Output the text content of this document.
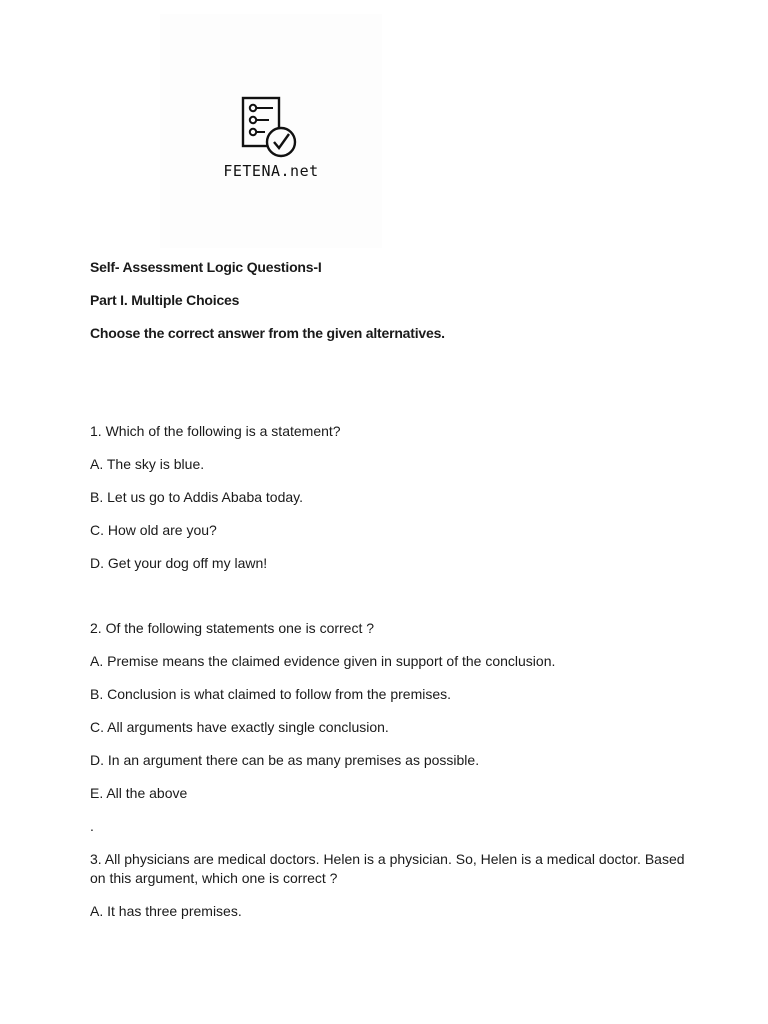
FETENA.net
Self- Assessment Logic Questions-I
Part I. Multiple Choices
Choose the correct answer from the given alternatives.
1. Which of the following is a statement?
A. The sky is blue.
B. Let us go to Addis Ababa today.
C. How old are you?
D. Get your dog off my lawn!
2. Of the following statements one is correct ?
A. Premise means the claimed evidence given in support of the conclusion.
B. Conclusion is what claimed to follow from the premises.
C. All arguments have exactly single conclusion.
D. In an argument there can be as many premises as possible.
E. All the above
.
3. All physicians are medical doctors. Helen is a physician. So, Helen is a medical doctor. Based on this argument, which one is correct ?
A. It has three premises.
